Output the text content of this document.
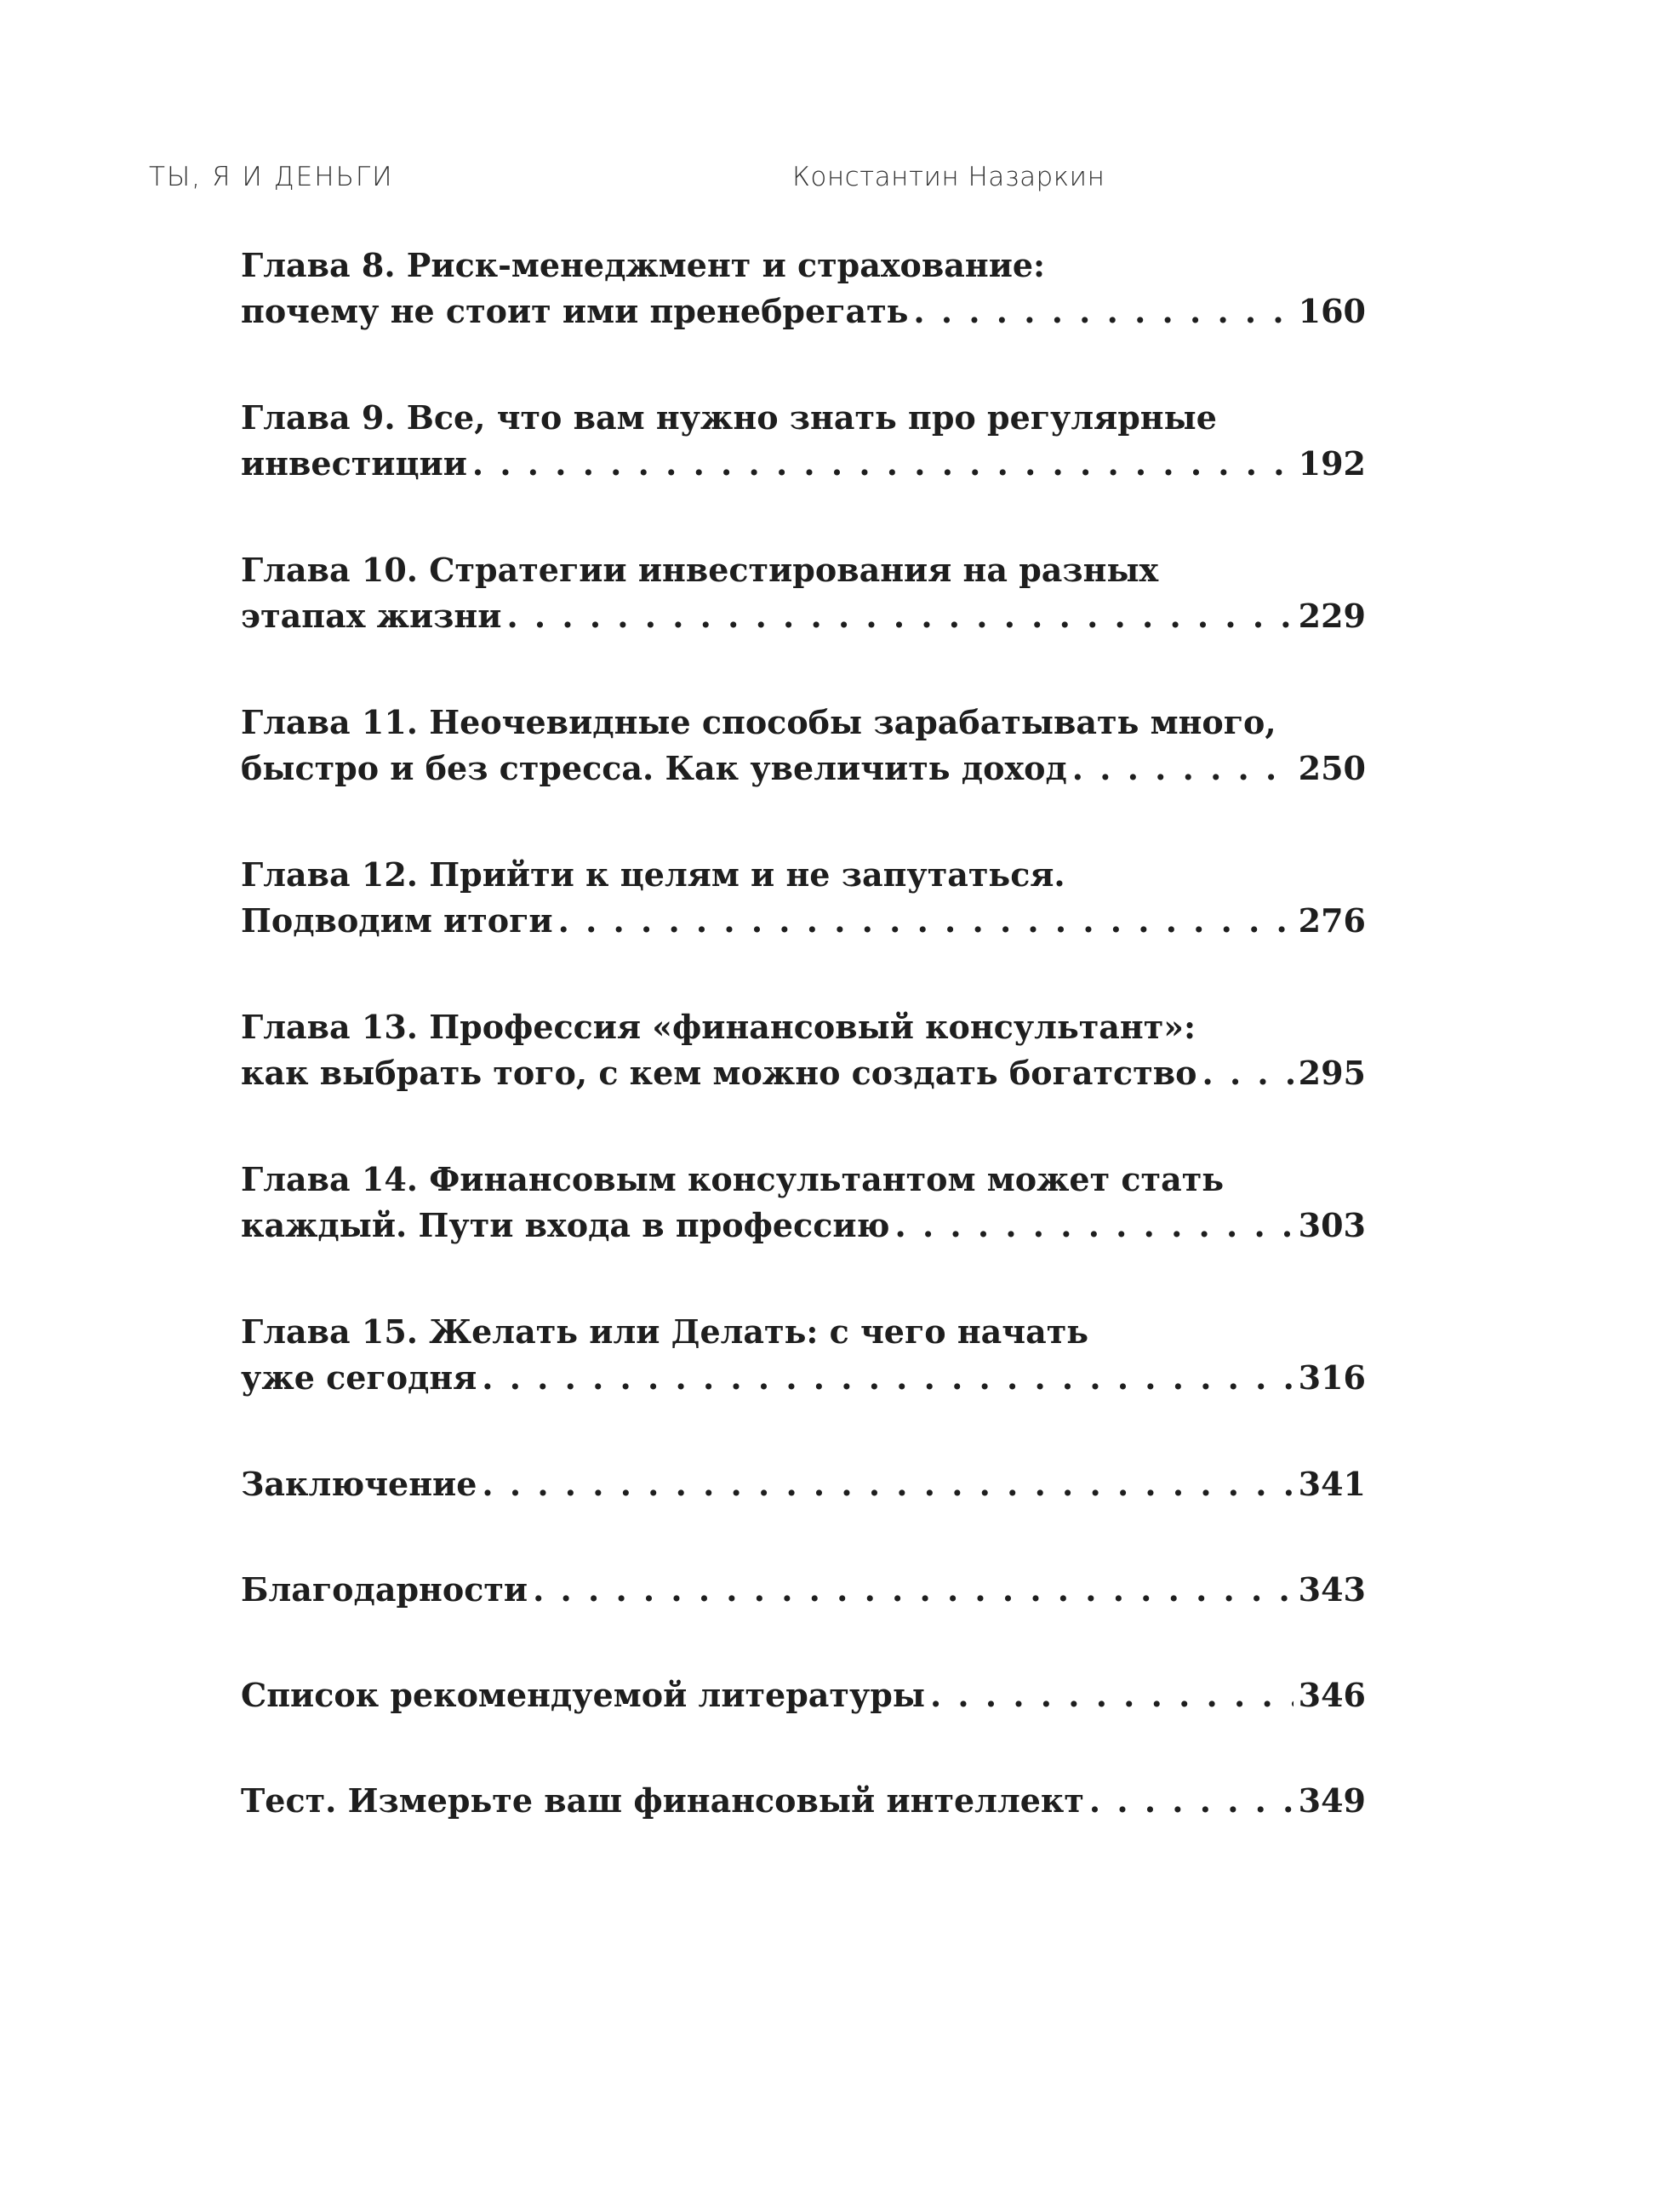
ТЫ, Я И ДЕНЬГИ	Константин Назаркин
Глава 8. Риск-менеджмент и страхование:
почему не стоит ими пренебрегать . . .	160
Глава 9. Все, что вам нужно знать про регулярные
инвестиции . . .	192
Глава 10. Стратегии инвестирования на разных
этапах жизни . . .	229
Глава 11. Неочевидные способы зарабатывать много,
быстро и без стресса. Как увеличить доход . . .	250
Глава 12. Прийти к целям и не запутаться.
Подводим итоги . . .	276
Глава 13. Профессия «финансовый консультант»:
как выбрать того, с кем можно создать богатство . . .	295
Глава 14. Финансовым консультантом может стать
каждый. Пути входа в профессию . . .	303
Глава 15. Желать или Делать: с чего начать
уже сегодня . . .	316
Заключение . . .	341
Благодарности . . .	343
Список рекомендуемой литературы . . .	346
Тест. Измерьте ваш финансовый интеллект . . .	349
